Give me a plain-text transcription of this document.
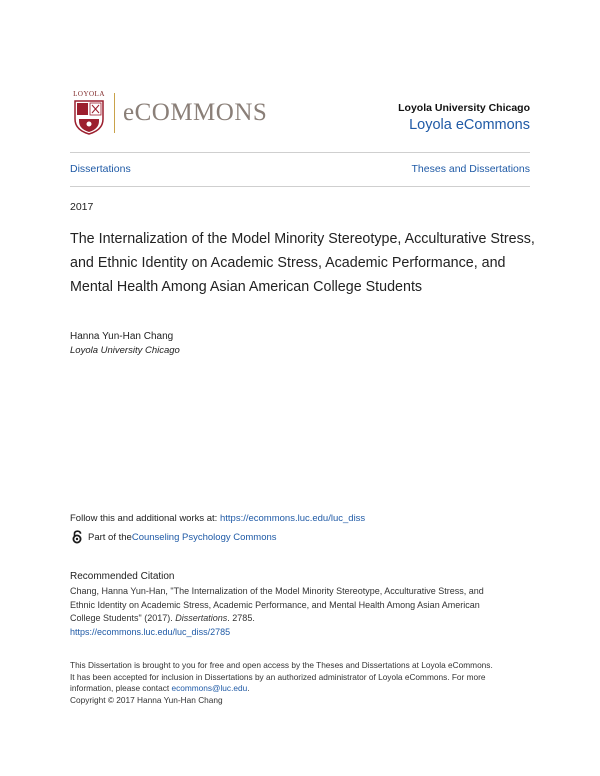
LOYOLA
eCOMMONS	Loyola University Chicago
Loyola eCommons
Dissertations	Theses and Dissertations
2017
The Internalization of the Model Minority Stereotype, Acculturative Stress, and Ethnic Identity on Academic Stress, Academic Performance, and Mental Health Among Asian American College Students
Hanna Yun-Han Chang
Loyola University Chicago
Follow this and additional works at: https://ecommons.luc.edu/luc_diss
Part of the Counseling Psychology Commons
Recommended Citation
Chang, Hanna Yun-Han, "The Internalization of the Model Minority Stereotype, Acculturative Stress, and
Ethnic Identity on Academic Stress, Academic Performance, and Mental Health Among Asian American
College Students" (2017). Dissertations. 2785.
https://ecommons.luc.edu/luc_diss/2785
This Dissertation is brought to you for free and open access by the Theses and Dissertations at Loyola eCommons.
It has been accepted for inclusion in Dissertations by an authorized administrator of Loyola eCommons. For more
information, please contact ecommons@luc.edu.
Copyright © 2017 Hanna Yun-Han Chang
